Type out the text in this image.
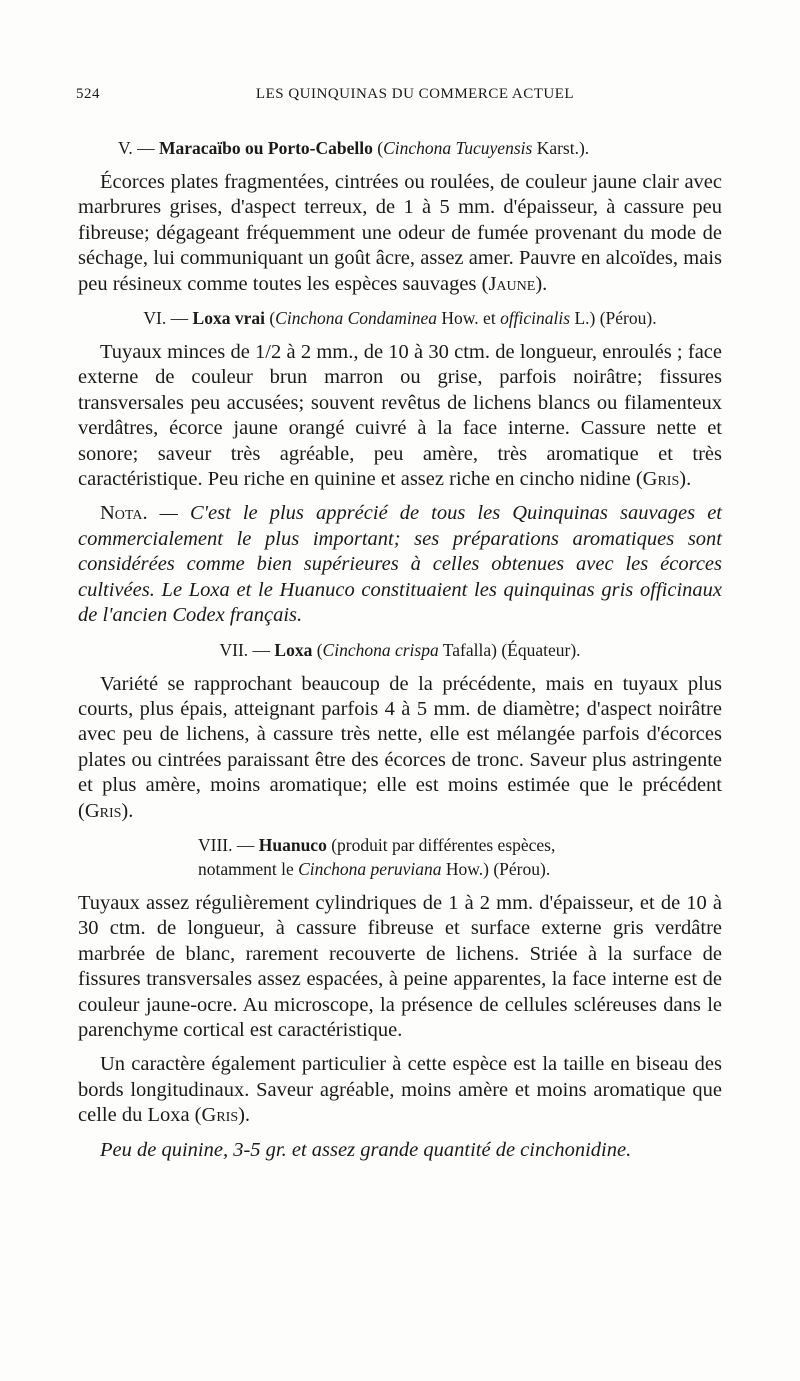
524	LES QUINQUINAS DU COMMERCE ACTUEL

V. — Maracaïbo ou Porto-Cabello (Cinchona Tucuyensis Karst.).

Écorces plates fragmentées, cintrées ou roulées, de couleur jaune clair avec marbrures grises, d'aspect terreux, de 1 à 5 mm. d'épaisseur, à cassure peu fibreuse; dégageant fréquemment une odeur de fumée provenant du mode de séchage, lui communiquant un goût âcre, assez amer. Pauvre en alcoïdes, mais peu résineux comme toutes les espèces sauvages (Jaune).

VI. — Loxa vrai (Cinchona Condaminea How. et officinalis L.) (Pérou).

Tuyaux minces de 1/2 à 2 mm., de 10 à 30 ctm. de longueur, enroulés ; face externe de couleur brun marron ou grise, parfois noirâtre; fissures transversales peu accusées; souvent revêtus de lichens blancs ou filamenteux verdâtres, écorce jaune orangé cuivré à la face interne. Cassure nette et sonore; saveur très agréable, peu amère, très aromatique et très caractéristique. Peu riche en quinine et assez riche en cincho nidine (Gris).

Nota. — C'est le plus apprécié de tous les Quinquinas sauvages et commercialement le plus important; ses préparations aromatiques sont considérées comme bien supérieures à celles obtenues avec les écorces cultivées. Le Loxa et le Huanuco constituaient les quinquinas gris officinaux de l'ancien Codex français.

VII. — Loxa (Cinchona crispa Tafalla) (Équateur).

Variété se rapprochant beaucoup de la précédente, mais en tuyaux plus courts, plus épais, atteignant parfois 4 à 5 mm. de diamètre; d'aspect noirâtre avec peu de lichens, à cassure très nette, elle est mélangée parfois d'écorces plates ou cintrées paraissant être des écorces de tronc. Saveur plus astringente et plus amère, moins aromatique; elle est moins estimée que le précédent (Gris).

VIII. — Huanuco (produit par différentes espèces,
notamment le Cinchona peruviana How.) (Pérou).

Tuyaux assez régulièrement cylindriques de 1 à 2 mm. d'épaisseur, et de 10 à 30 ctm. de longueur, à cassure fibreuse et surface externe gris verdâtre marbrée de blanc, rarement recouverte de lichens. Striée à la surface de fissures transversales assez espacées, à peine apparentes, la face interne est de couleur jaune-ocre. Au microscope, la présence de cellules scléreuses dans le parenchyme cortical est caractéristique.

Un caractère également particulier à cette espèce est la taille en biseau des bords longitudinaux. Saveur agréable, moins amère et moins aromatique que celle du Loxa (Gris).

Peu de quinine, 3-5 gr. et assez grande quantité de cinchonidine.
